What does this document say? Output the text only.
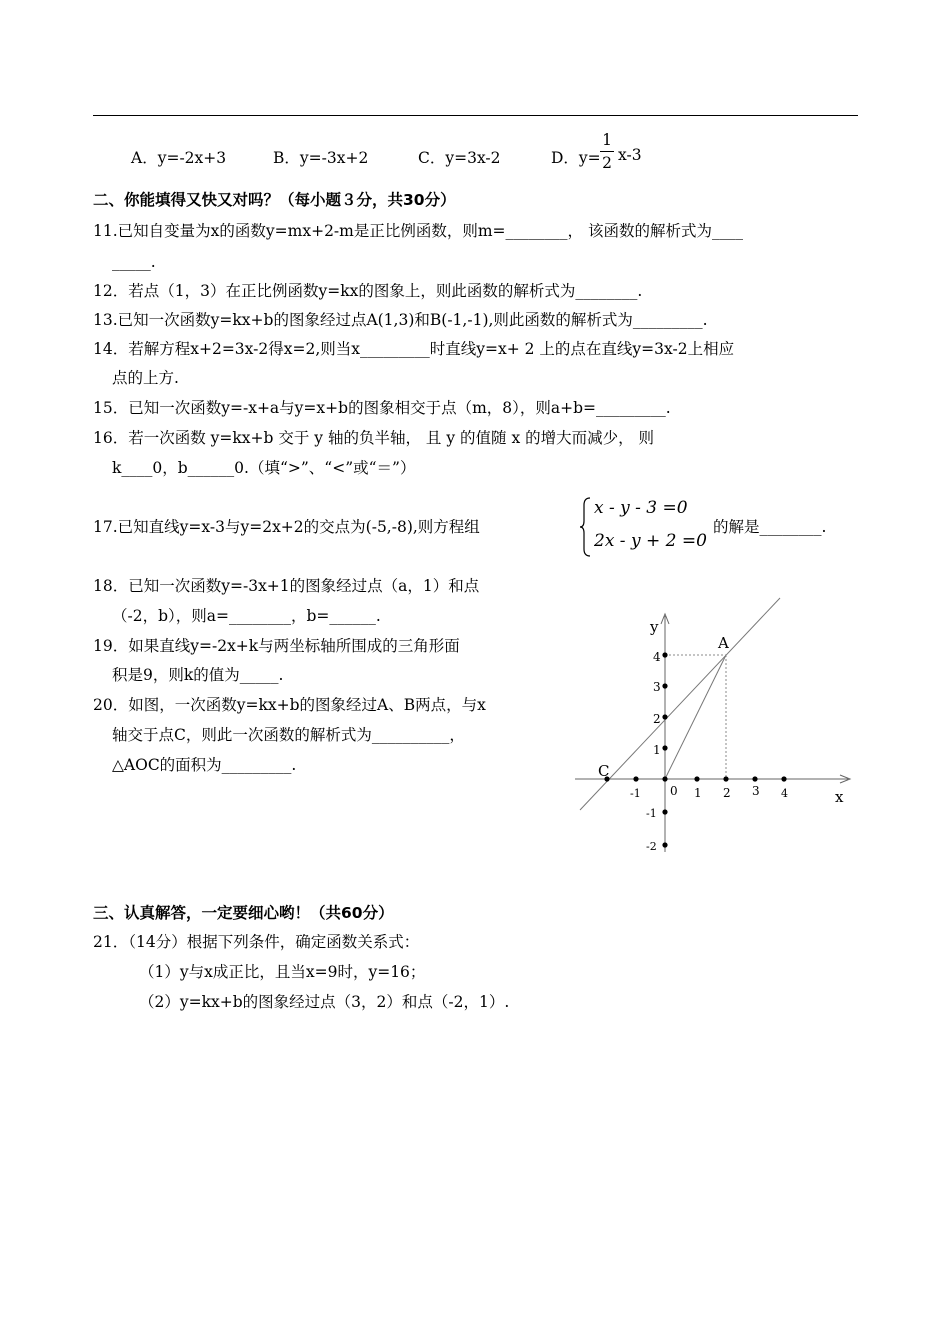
A．y=-2x+3	B．y=-3x+2	C．y=3x-2	D．y=
1
2 x-3
二、你能填得又快又对吗？（每小题３分，共30分）
11.已知自变量为x的函数y=mx+2-m是正比例函数，则m=________， 该函数的解析式为____
_____.
12．若点（1，3）在正比例函数y=kx的图象上，则此函数的解析式为________.
13.已知一次函数y=kx+b的图象经过点A(1,3)和B(-1,-1),则此函数的解析式为_________.
14．若解方程x+2=3x-2得x=2,则当x_________时直线y=x+ 2 上的点在直线y=3x-2上相应
点的上方.
15．已知一次函数y=-x+a与y=x+b的图象相交于点（m，8），则a+b=_________.
16．若一次函数 y=kx+b 交于 y 轴的负半轴， 且 y 的值随 x 的增大而减少， 则
k____0，b______0.（填“>”、“<”或“＝”）
17.已知直线y=x-3与y=2x+2的交点为(-5,-8),则方程组
x - y - 3 =0
2x - y + 2 =0
的解是________.
18．已知一次函数y=-3x+1的图象经过点（a，1）和点
（-2，b），则a=________，b=______.
19．如果直线y=-2x+k与两坐标轴所围成的三角形面
积是9，则k的值为_____.
20．如图，一次函数y=kx+b的图象经过A、B两点，与x
轴交于点C，则此一次函数的解析式为__________，
△AOC的面积为_________.
y
x
A
C
0
-1	1 2 3 4
4
3
2
1
-1
-2
三、认真解答，一定要细心哟！（共60分）
21．（14分）根据下列条件，确定函数关系式：
（1）y与x成正比，且当x=9时，y=16；
（2）y=kx+b的图象经过点（3，2）和点（-2，1）.
